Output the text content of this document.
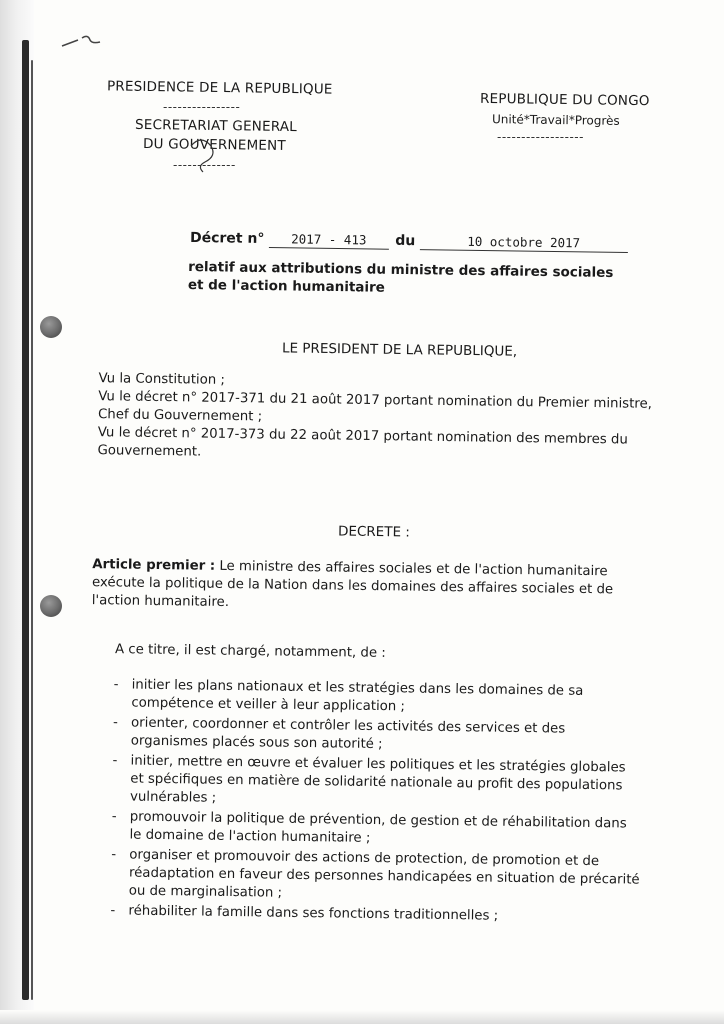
PRESIDENCE DE LA REPUBLIQUE
----------------
SECRETARIAT GENERAL
DU GOUVERNEMENT
-------------
REPUBLIQUE DU CONGO
Unité*Travail*Progrès
------------------
Décret n° 2017 - 413 du	10 octobre 2017
relatif aux attributions du ministre des affaires sociales et de l'action humanitaire
LE PRESIDENT DE LA REPUBLIQUE,
Vu la Constitution ;
Vu le décret n° 2017-371 du 21 août 2017 portant nomination du Premier ministre, Chef du Gouvernement ;
Vu le décret n° 2017-373 du 22 août 2017 portant nomination des membres du Gouvernement.
DECRETE :
Article premier : Le ministre des affaires sociales et de l'action humanitaire exécute la politique de la Nation dans les domaines des affaires sociales et de l'action humanitaire.
A ce titre, il est chargé, notamment, de :
- initier les plans nationaux et les stratégies dans les domaines de sa compétence et veiller à leur application ;
- orienter, coordonner et contrôler les activités des services et des organismes placés sous son autorité ;
- initier, mettre en œuvre et évaluer les politiques et les stratégies globales et spécifiques en matière de solidarité nationale au profit des populations vulnérables ;
- promouvoir la politique de prévention, de gestion et de réhabilitation dans le domaine de l'action humanitaire ;
- organiser et promouvoir des actions de protection, de promotion et de réadaptation en faveur des personnes handicapées en situation de précarité ou de marginalisation ;
- réhabiliter la famille dans ses fonctions traditionnelles ;
